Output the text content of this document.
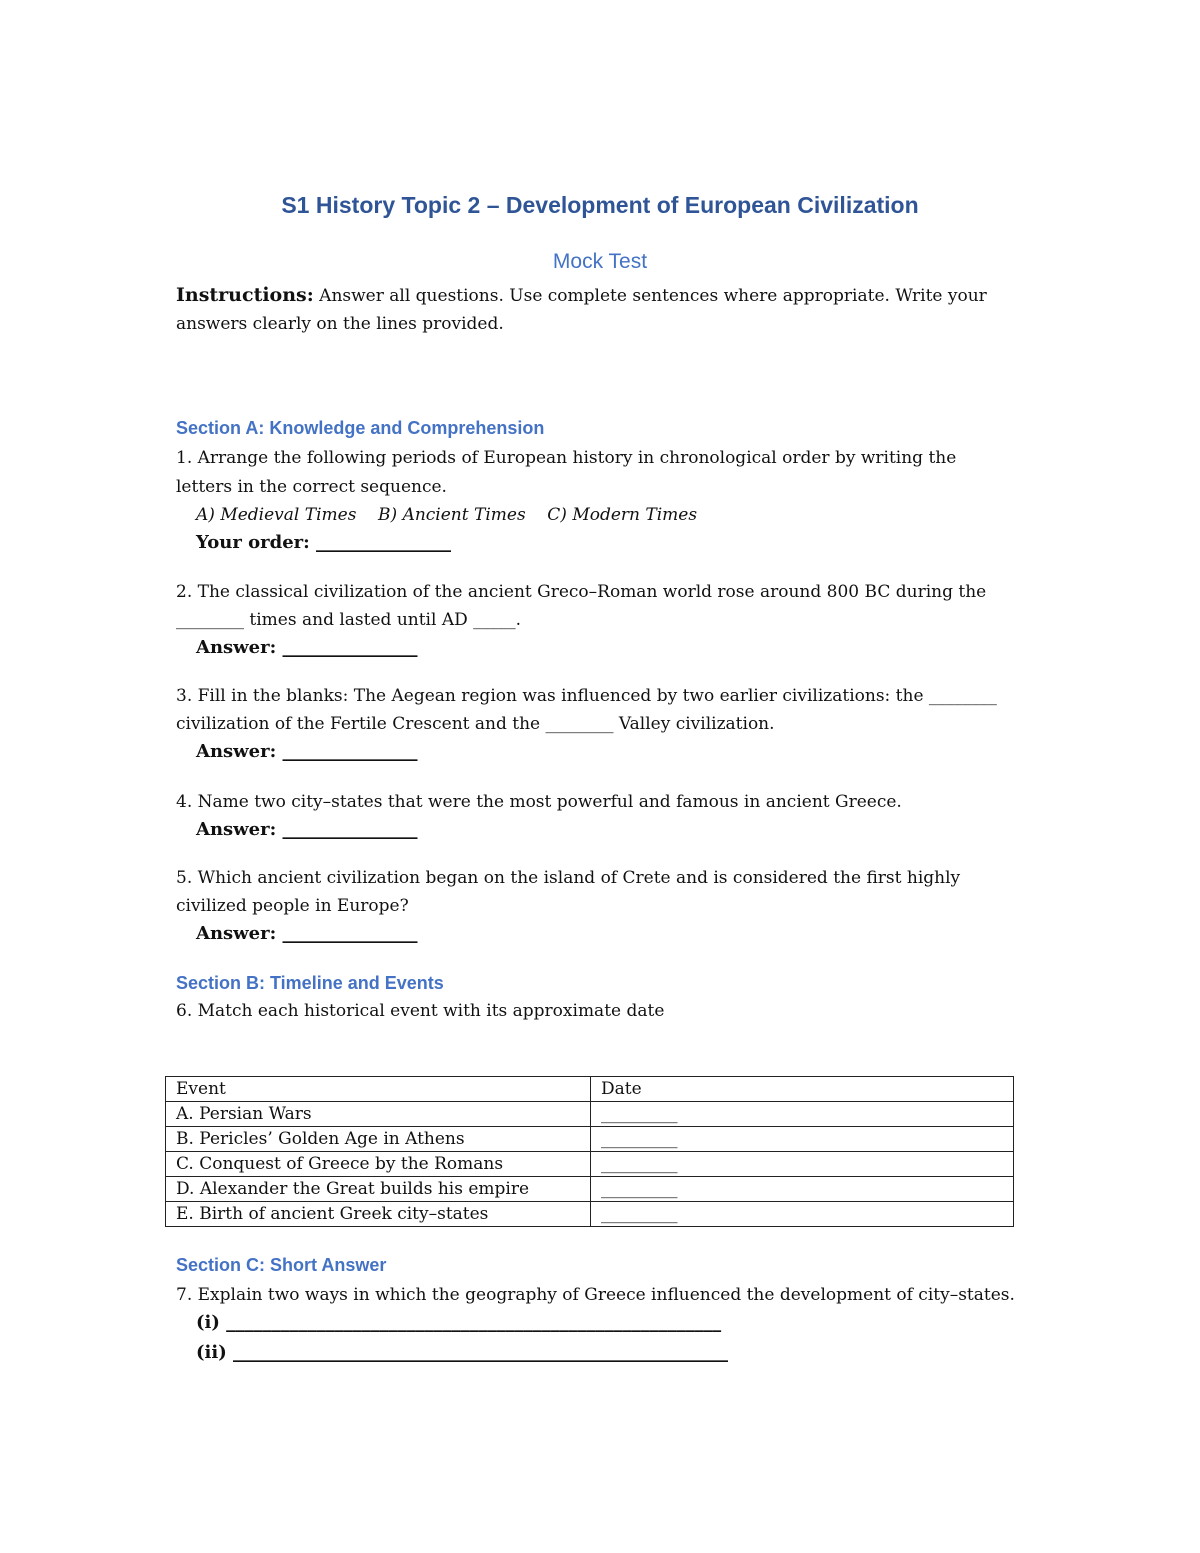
S1 History Topic 2 – Development of European Civilization
Mock Test
Instructions: Answer all questions. Use complete sentences where appropriate. Write your
answers clearly on the lines provided.
Section A: Knowledge and Comprehension
1. Arrange the following periods of European history in chronological order by writing the
letters in the correct sequence.
A) Medieval Times    B) Ancient Times    C) Modern Times
Your order: _______________
2. The classical civilization of the ancient Greco–Roman world rose around 800 BC during the
________ times and lasted until AD _____.
Answer: _______________
3. Fill in the blanks: The Aegean region was influenced by two earlier civilizations: the ________
civilization of the Fertile Crescent and the ________ Valley civilization.
Answer: _______________
4. Name two city–states that were the most powerful and famous in ancient Greece.
Answer: _______________
5. Which ancient civilization began on the island of Crete and is considered the first highly
civilized people in Europe?
Answer: _______________
Section B: Timeline and Events
6. Match each historical event with its approximate date
Event	Date
A. Persian Wars	_________
B. Pericles’ Golden Age in Athens	_________
C. Conquest of Greece by the Romans	_________
D. Alexander the Great builds his empire	_________
E. Birth of ancient Greek city–states	_________
Section C: Short Answer
7. Explain two ways in which the geography of Greece influenced the development of city–states.
(i) _______________________________________________________
(ii) _______________________________________________________
